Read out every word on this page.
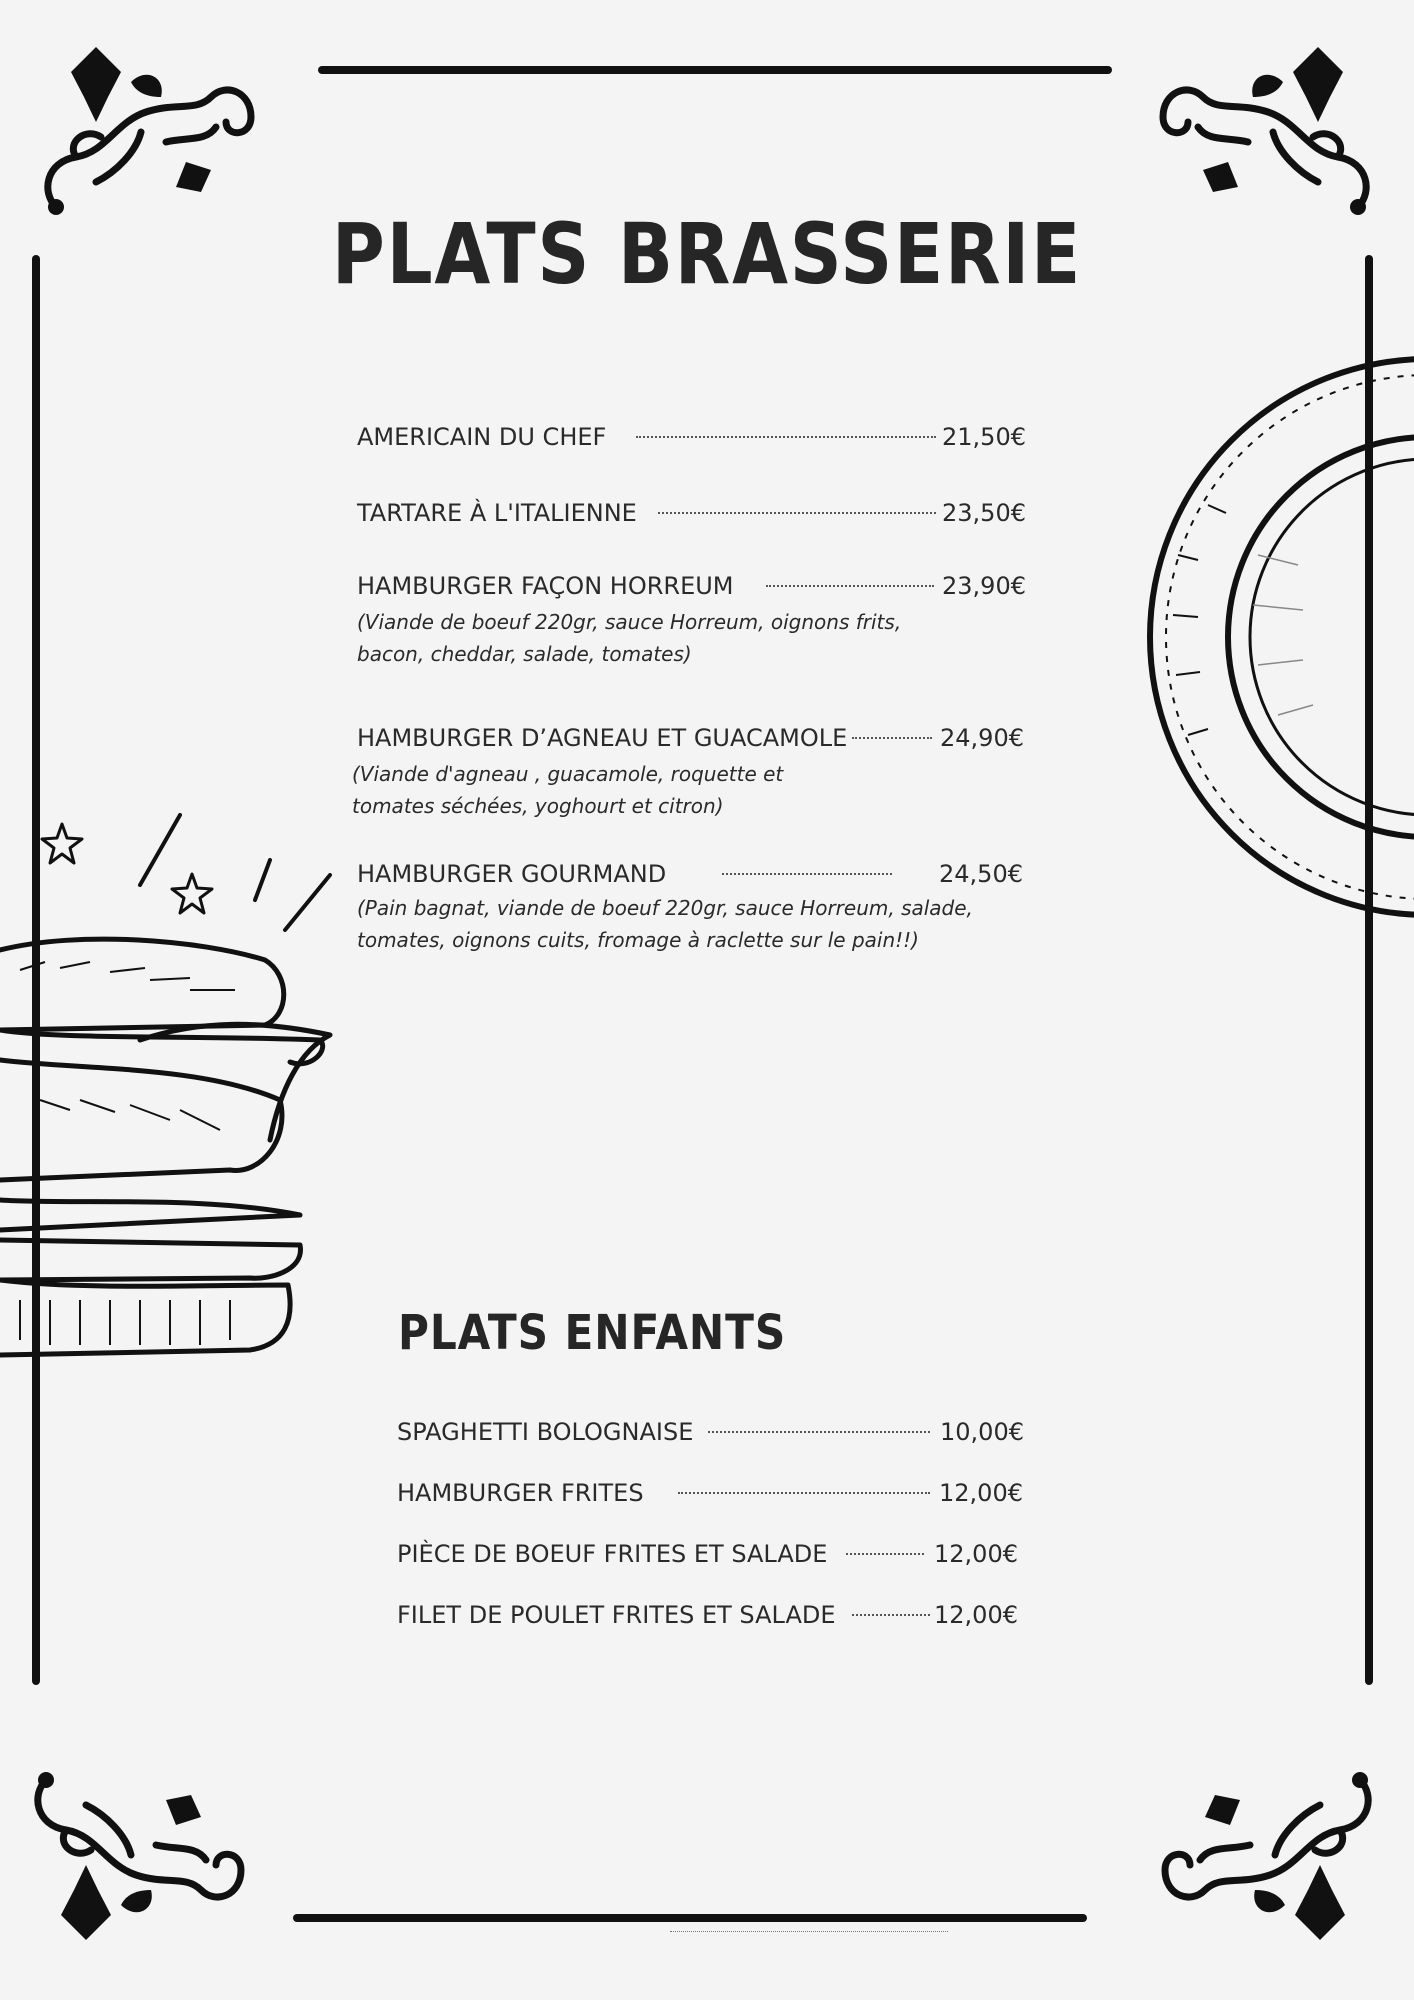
PLATS BRASSERIE
AMERICAIN DU CHEF	21,50€
TARTARE À L'ITALIENNE	23,50€
HAMBURGER FAÇON HORREUM	23,90€
(Viande de boeuf 220gr, sauce Horreum, oignons frits, bacon, cheddar, salade, tomates)
HAMBURGER D’AGNEAU ET GUACAMOLE	24,90€
(Viande d'agneau , guacamole, roquette et tomates séchées, yoghourt et citron)
HAMBURGER GOURMAND	24,50€
(Pain bagnat, viande de boeuf 220gr, sauce Horreum, salade, tomates, oignons cuits, fromage à raclette sur le pain!!)
PLATS ENFANTS
SPAGHETTI BOLOGNAISE	10,00€
HAMBURGER FRITES	12,00€
PIÈCE DE BOEUF FRITES ET SALADE	12,00€
FILET DE POULET FRITES ET SALADE	12,00€
